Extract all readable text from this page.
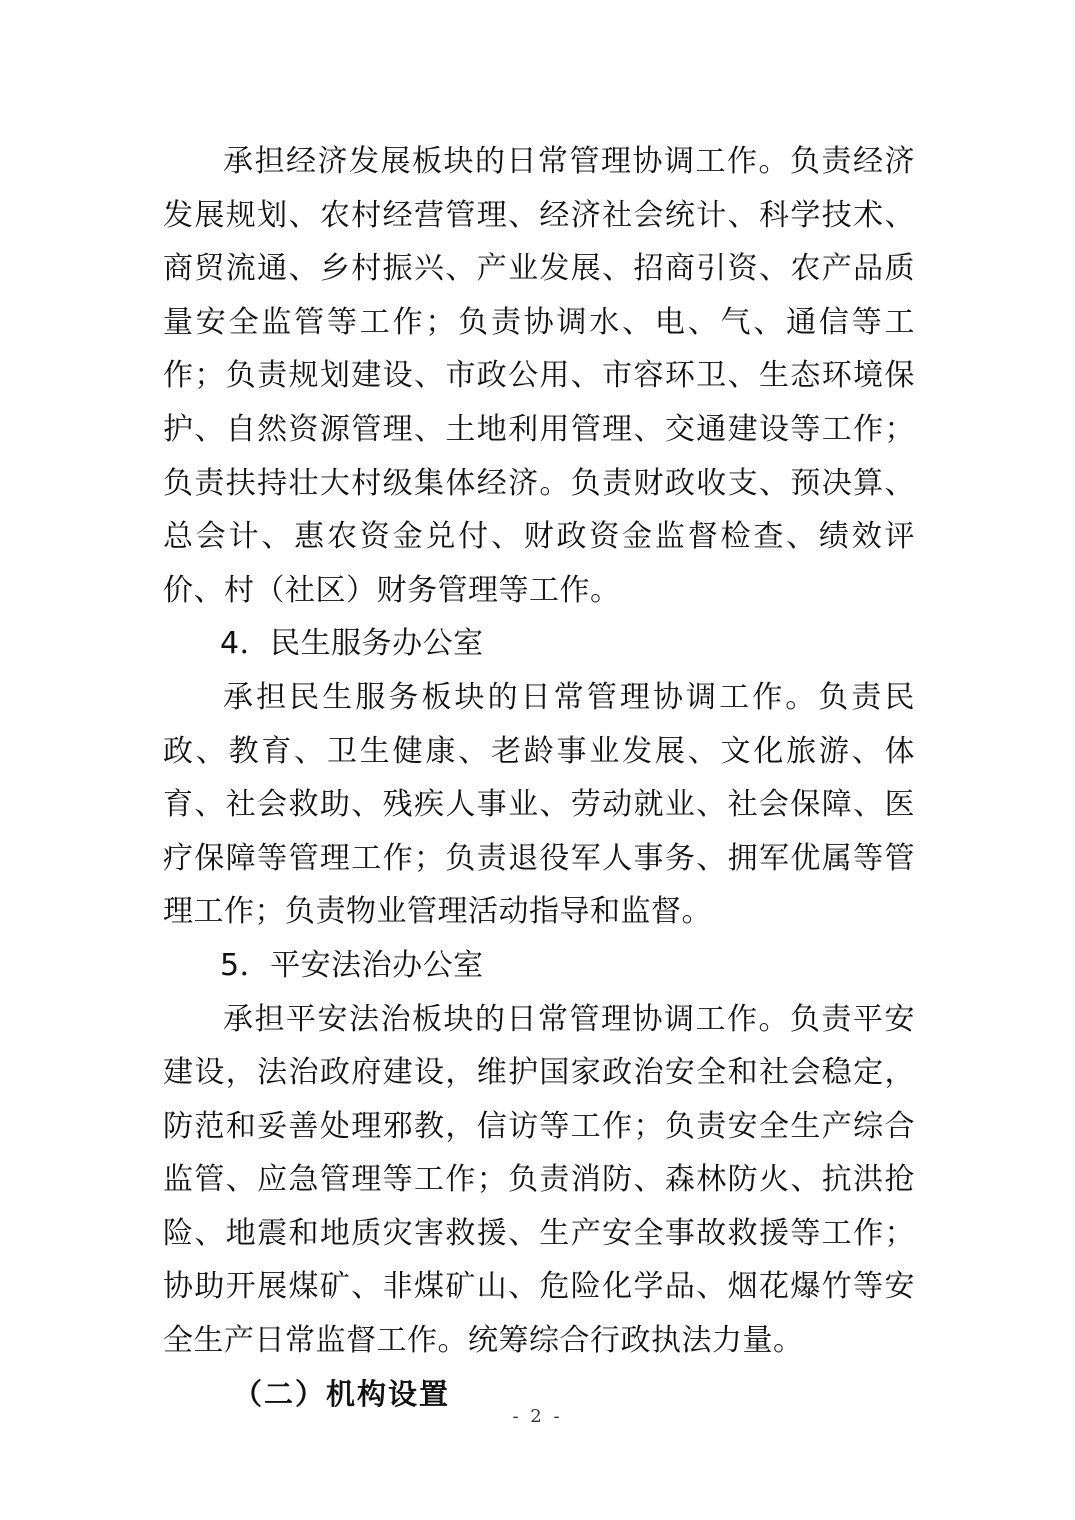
承担经济发展板块的日常管理协调工作。负责经济发展规划、农村经营管理、经济社会统计、科学技术、商贸流通、乡村振兴、产业发展、招商引资、农产品质量安全监管等工作；负责协调水、电、气、通信等工作；负责规划建设、市政公用、市容环卫、生态环境保护、自然资源管理、土地利用管理、交通建设等工作；负责扶持壮大村级集体经济。负责财政收支、预决算、总会计、惠农资金兑付、财政资金监督检查、绩效评价、村（社区）财务管理等工作。

4．民生服务办公室

承担民生服务板块的日常管理协调工作。负责民政、教育、卫生健康、老龄事业发展、文化旅游、体育、社会救助、残疾人事业、劳动就业、社会保障、医疗保障等管理工作；负责退役军人事务、拥军优属等管理工作；负责物业管理活动指导和监督。

5．平安法治办公室

承担平安法治板块的日常管理协调工作。负责平安建设，法治政府建设，维护国家政治安全和社会稳定，防范和妥善处理邪教，信访等工作；负责安全生产综合监管、应急管理等工作；负责消防、森林防火、抗洪抢险、地震和地质灾害救援、生产安全事故救援等工作；协助开展煤矿、非煤矿山、危险化学品、烟花爆竹等安全生产日常监督工作。统筹综合行政执法力量。

（二）机构设置

- 2 -
